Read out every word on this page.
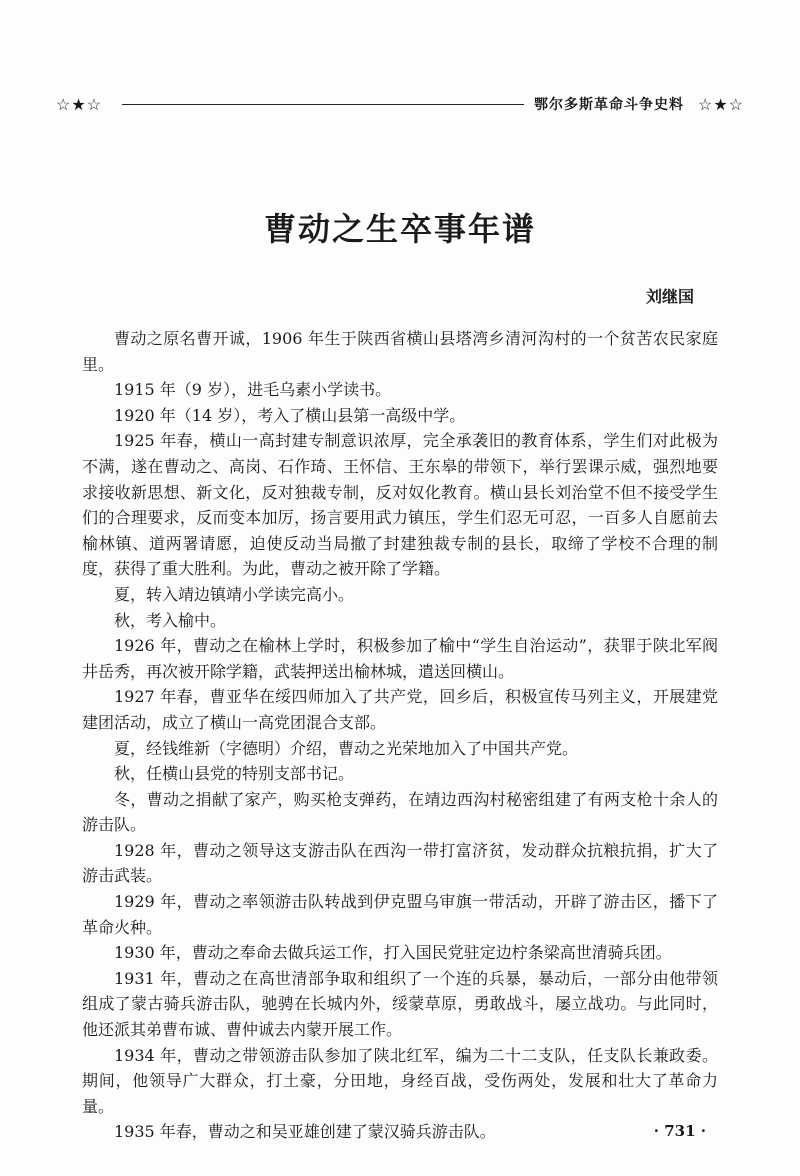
☆★☆	鄂尔多斯革命斗争史料 ☆★☆
曹动之生卒事年谱
刘继国

曹动之原名曹开诚，1906 年生于陕西省横山县塔湾乡清河沟村的一个贫苦农民家庭里。

1915 年（9 岁），进毛乌素小学读书。

1920 年（14 岁），考入了横山县第一高级中学。

1925 年春，横山一高封建专制意识浓厚，完全承袭旧的教育体系，学生们对此极为不满，遂在曹动之、高岗、石作琦、王怀信、王东皋的带领下，举行罢课示威，强烈地要求接收新思想、新文化，反对独裁专制，反对奴化教育。横山县长刘治堂不但不接受学生们的合理要求，反而变本加厉，扬言要用武力镇压，学生们忍无可忍，一百多人自愿前去榆林镇、道两署请愿，迫使反动当局撤了封建独裁专制的县长，取缔了学校不合理的制度，获得了重大胜利。为此，曹动之被开除了学籍。

夏，转入靖边镇靖小学读完高小。

秋，考入榆中。

1926 年，曹动之在榆林上学时，积极参加了榆中“学生自治运动”，获罪于陕北军阀井岳秀，再次被开除学籍，武装押送出榆林城，遣送回横山。

1927 年春，曹亚华在绥四师加入了共产党，回乡后，积极宣传马列主义，开展建党建团活动，成立了横山一高党团混合支部。

夏，经钱维新（字德明）介绍，曹动之光荣地加入了中国共产党。

秋，任横山县党的特别支部书记。

冬，曹动之捐献了家产，购买枪支弹药，在靖边西沟村秘密组建了有两支枪十余人的游击队。

1928 年，曹动之领导这支游击队在西沟一带打富济贫，发动群众抗粮抗捐，扩大了游击武装。

1929 年，曹动之率领游击队转战到伊克盟乌审旗一带活动，开辟了游击区，播下了革命火种。

1930 年，曹动之奉命去做兵运工作，打入国民党驻定边柠条梁高世清骑兵团。

1931 年，曹动之在高世清部争取和组织了一个连的兵暴，暴动后，一部分由他带领组成了蒙古骑兵游击队，驰骋在长城内外，绥蒙草原，勇敢战斗，屡立战功。与此同时，他还派其弟曹布诚、曹仲诚去内蒙开展工作。

1934 年，曹动之带领游击队参加了陕北红军，编为二十二支队，任支队长兼政委。期间，他领导广大群众，打土豪，分田地，身经百战，受伤两处，发展和壮大了革命力量。

1935 年春，曹动之和吴亚雄创建了蒙汉骑兵游击队。	· 731 ·
